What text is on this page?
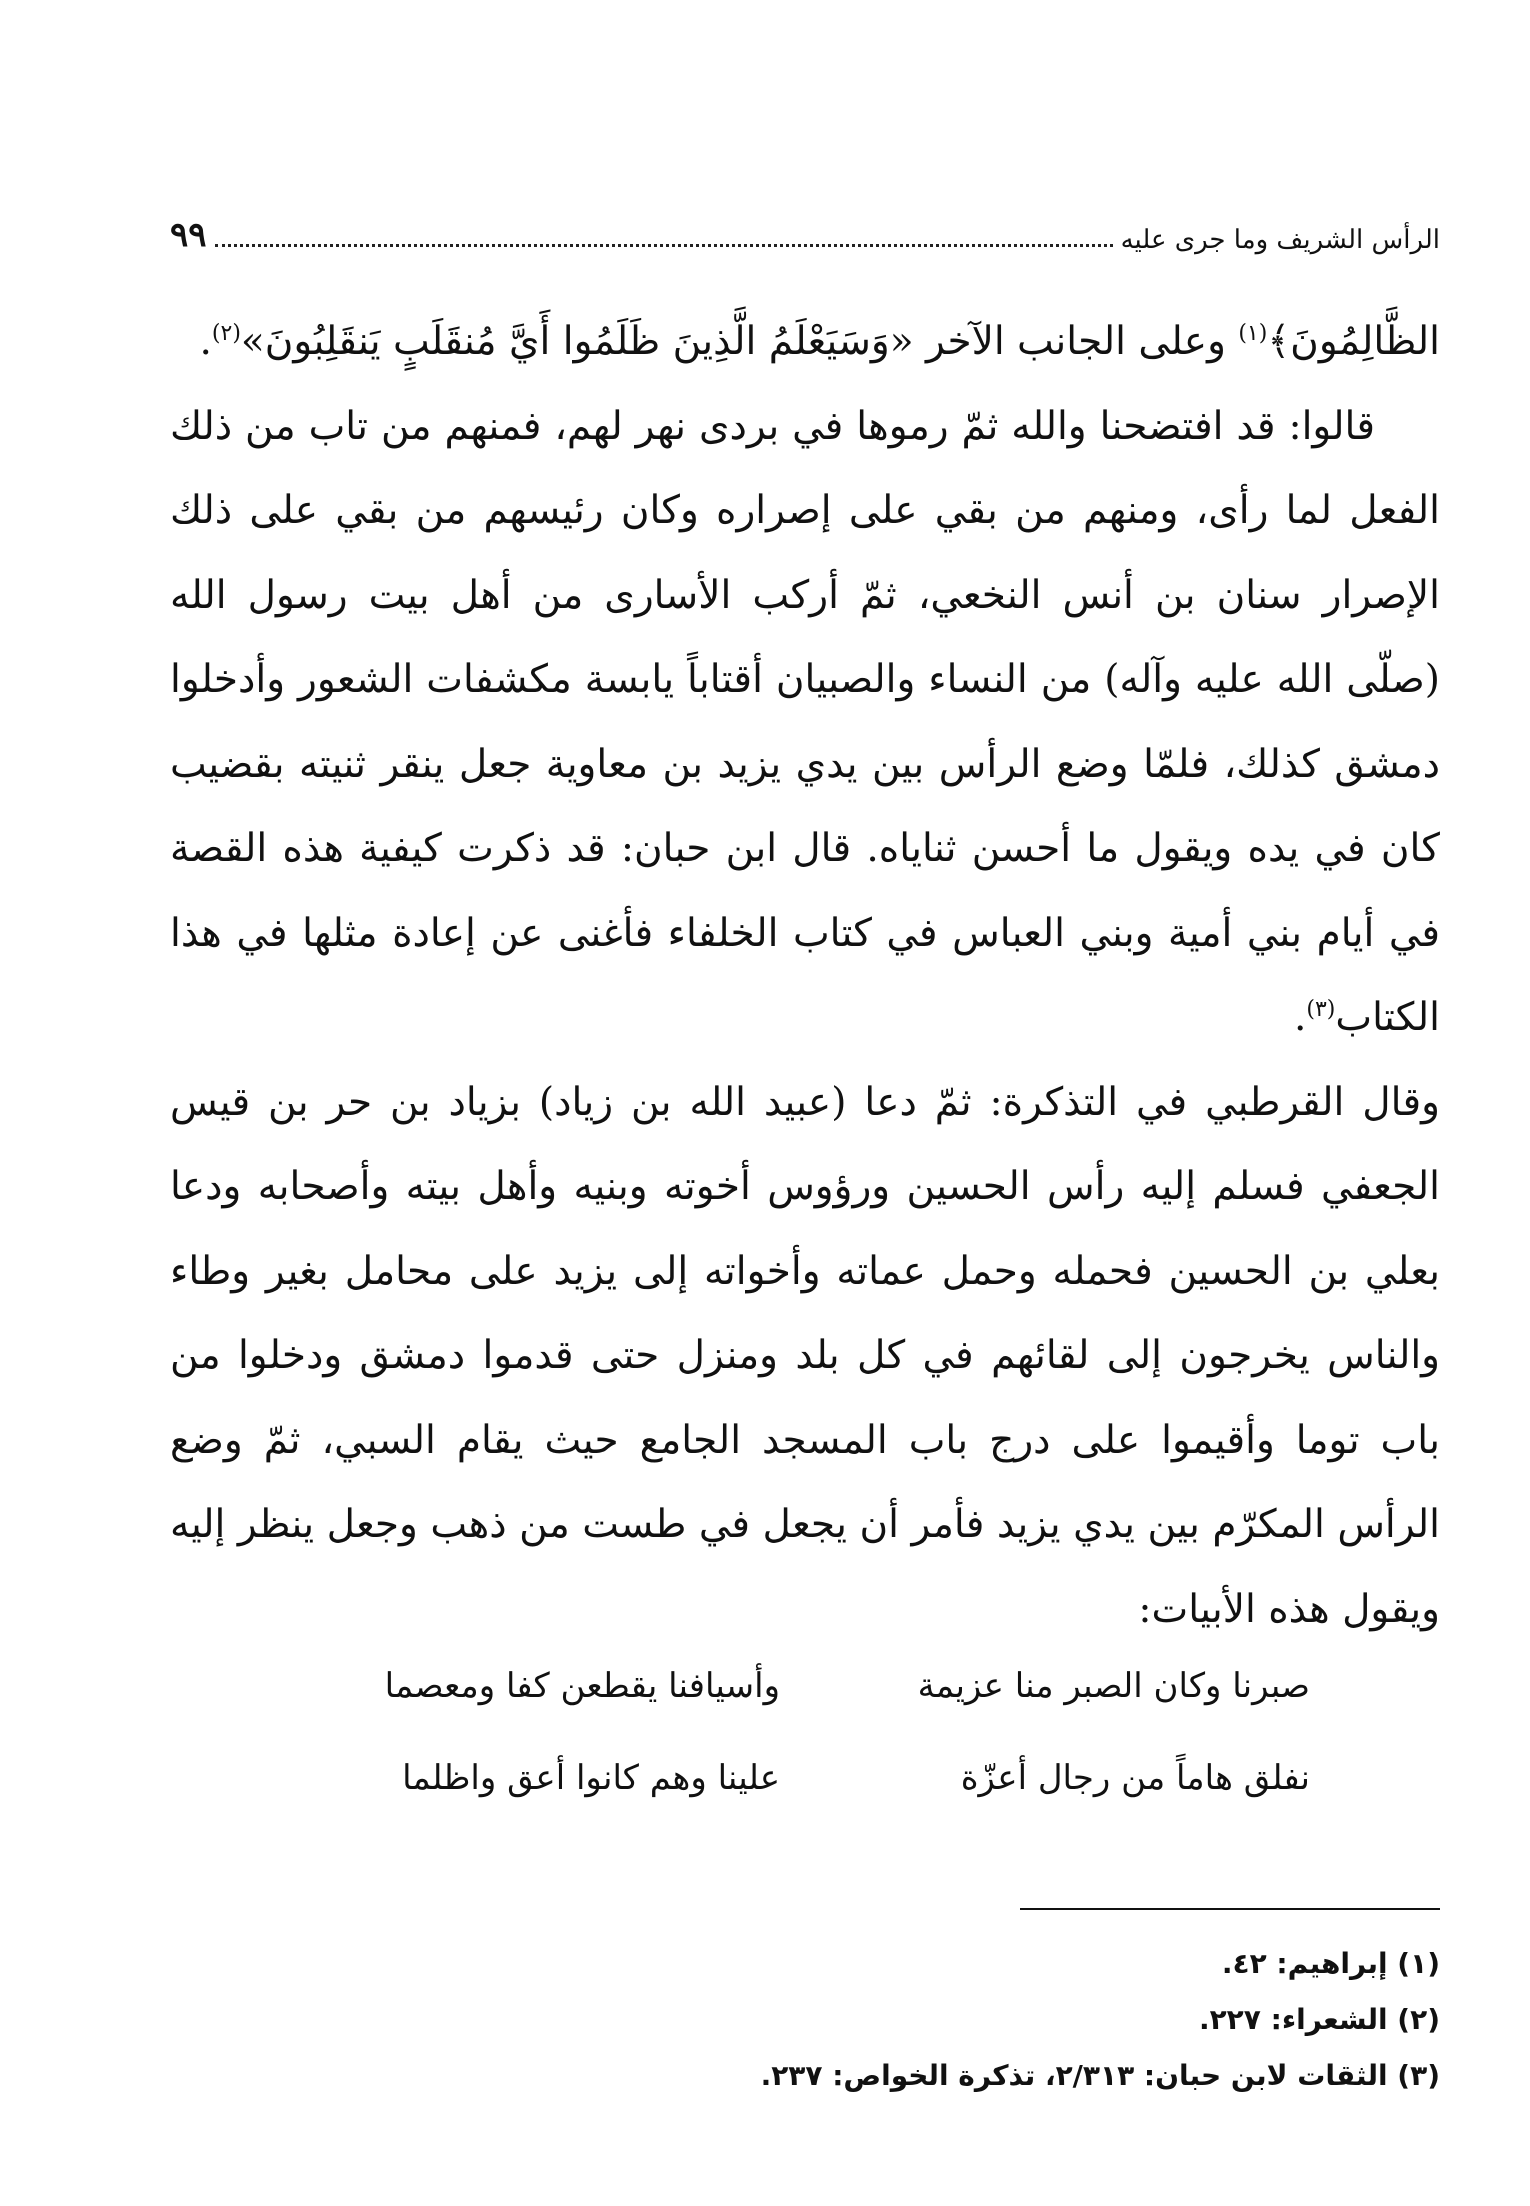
الرأس الشريف وما جرى عليه
٩٩

الظَّالِمُونَ﴾$^{(١)}$ وعلى الجانب الآخر «وَسَيَعْلَمُ الَّذِينَ ظَلَمُوا أَيَّ مُنقَلَبٍ يَنقَلِبُونَ»$^{(٢)}$.

قالوا: قد افتضحنا والله ثمّ رموها في بردى نهر لهم، فمنهم من تاب من ذلك الفعل لما رأى، ومنهم من بقي على إصراره وكان رئيسهم من بقي على ذلك الإصرار سنان بن أنس النخعي، ثمّ أركب الأسارى من أهل بيت رسول الله (صلّى الله عليه وآله) من النساء والصبيان أقتاباً يابسة مكشفات الشعور وأدخلوا دمشق كذلك، فلمّا وضع الرأس بين يدي يزيد بن معاوية جعل ينقر ثنيته بقضيب كان في يده ويقول ما أحسن ثناياه. قال ابن حبان: قد ذكرت كيفية هذه القصة في أيام بني أمية وبني العباس في كتاب الخلفاء فأغنى عن إعادة مثلها في هذا الكتاب$^{(٣)}$.

وقال القرطبي في التذكرة: ثمّ دعا (عبيد الله بن زياد) بزياد بن حر بن قيس الجعفي فسلم إليه رأس الحسين ورؤوس أخوته وبنيه وأهل بيته وأصحابه ودعا بعلي بن الحسين فحمله وحمل عماته وأخواته إلى يزيد على محامل بغير وطاء والناس يخرجون إلى لقائهم في كل بلد ومنزل حتى قدموا دمشق ودخلوا من باب توما وأقيموا على درج باب المسجد الجامع حيث يقام السبي، ثمّ وضع الرأس المكرّم بين يدي يزيد فأمر أن يجعل في طست من ذهب وجعل ينظر إليه ويقول هذه الأبيات:

صبرنا وكان الصبر منا عزيمة
وأسيافنا يقطعن كفا ومعصما
نفلق هاماً من رجال أعزّة
علينا وهم كانوا أعق واظلما
(١) إبراهيم: ٤٢.
(٢) الشعراء: ٢٢٧.
(٣) الثقات لابن حبان: ٢/٣١٣، تذكرة الخواص: ٢٣٧.
